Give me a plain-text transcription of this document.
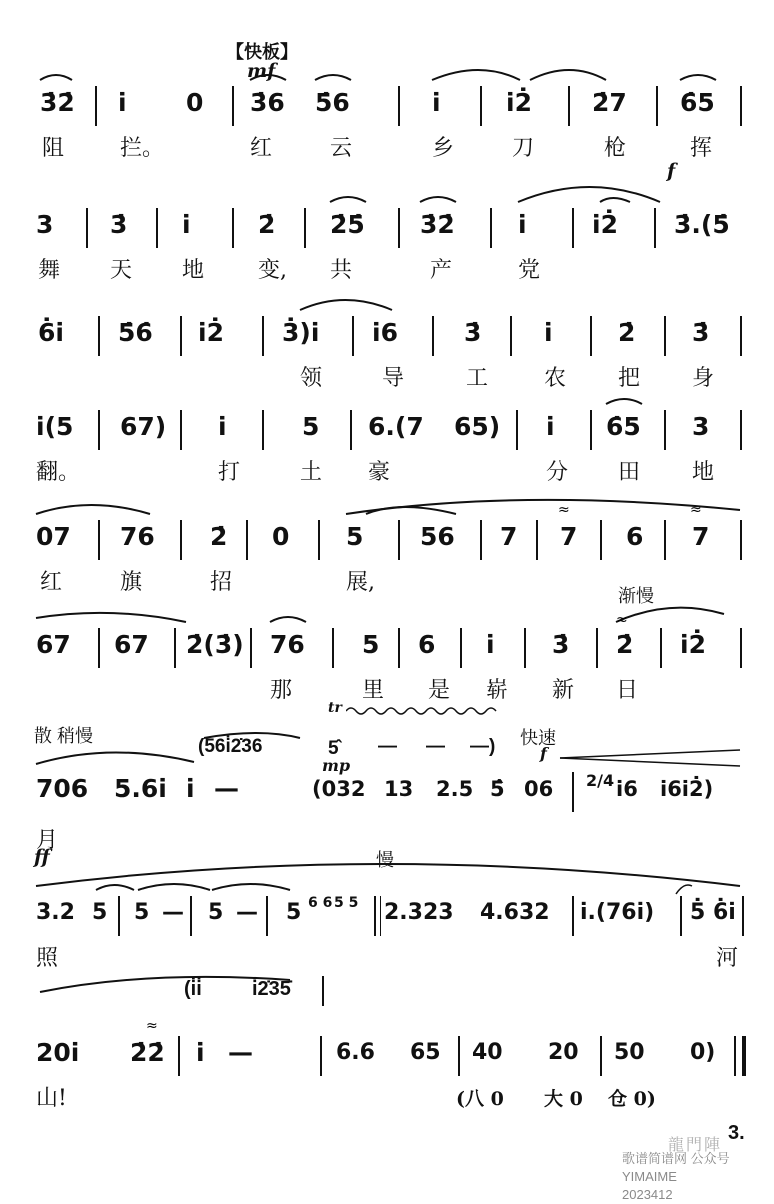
【快板】
mf
3̇2̇ i̇ 0 3̇6 5̇6	i̇	i̇2̇ 2̇7 6̇5
阻	拦。	红	云	乡	刀	枪	挥
f
3 3̇ i̇	2̇ 2̇5̇ 3̇2̇	i̇	i̇2̇ 3̇.(5̇
舞 天 地 变, 共	产	党
6̇i̇ 5̇6̇ i̇2̇ 3̇)i̇ i̇6	3̇	i̇	2̇ 3̇
领	导	工	农 把 身
i̇(5 67) i̇	5 6.(7 65) i̇ 6̇5 3
翻。	打	土 豪	分 田 地
07 76 2̇ 0 5 56 7 7 6 7
≈	≈
红	旗	招	展,
渐慢
67 67 2̇(3̇) 76 5 6 i̇ 3̇ 2̇ i̇2̇
≈
那	里 是 崭 新 日
散 稍慢	(56i̇2̇36	5̂ — — —)
tr
快速
f
mp
706 5.6i̇ i̇ —	(032 13 2.5 5̂ 06 2/4 i̇6 i̇6i̇2̇)
月
ff	慢
3.2 5 5 — 5 — 5 6 6 5 5 2.323 4.632 i̇.(76i̇) 5̇ 6̇i̇
照	河
(i̇i̇	i̇2̇35̇
20i̇ 2̇2̇ i̇ —	6.6 65 40 20 50 0)
≈
山!	(八 0 大 0 仓 0)
3.
龍門陣
歌谱简谱网 公众号YIMAIME
2023412
